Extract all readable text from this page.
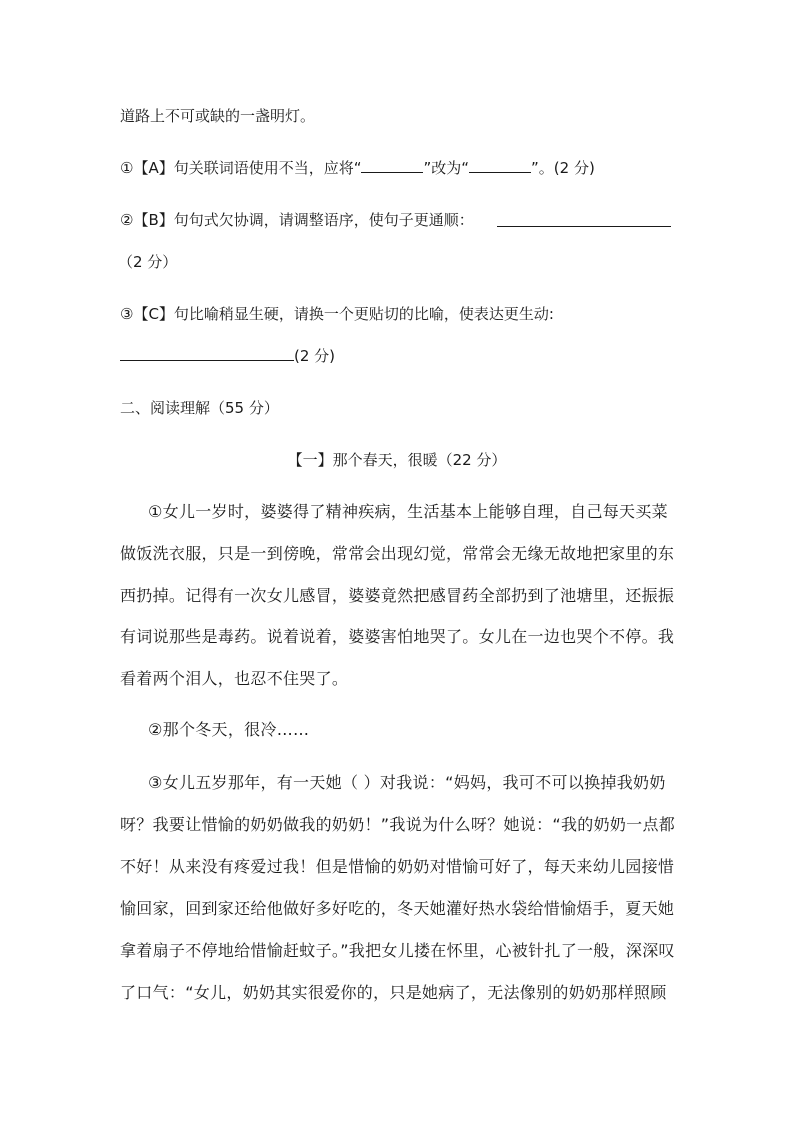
道路上不可或缺的一盏明灯。
①【A】句关联词语使用不当，应将“	”改为“	”。(2 分)
②【B】句句式欠协调，请调整语序，使句子更通顺：
（2 分）
③【C】句比喻稍显生硬，请换一个更贴切的比喻，使表达更生动:
(2 分)
二、阅读理解（55 分）
【一】那个春天，很暖（22 分）
①女儿一岁时，婆婆得了精神疾病，生活基本上能够自理，自己每天买菜
做饭洗衣服，只是一到傍晚，常常会出现幻觉，常常会无缘无故地把家里的东
西扔掉。记得有一次女儿感冒，婆婆竟然把感冒药全部扔到了池塘里，还振振
有词说那些是毒药。说着说着，婆婆害怕地哭了。女儿在一边也哭个不停。我
看着两个泪人，也忍不住哭了。
②那个冬天，很冷……
③女儿五岁那年，有一天她（ ）对我说：“妈妈，我可不可以换掉我奶奶
呀？我要让惜愉的奶奶做我的奶奶！”我说为什么呀？她说：“我的奶奶一点都
不好！从来没有疼爱过我！但是惜愉的奶奶对惜愉可好了，每天来幼儿园接惜
愉回家，回到家还给他做好多好吃的，冬天她灌好热水袋给惜愉焐手，夏天她
拿着扇子不停地给惜愉赶蚊子。”我把女儿搂在怀里，心被针扎了一般，深深叹
了口气：“女儿，奶奶其实很爱你的，只是她病了，无法像别的奶奶那样照顾
